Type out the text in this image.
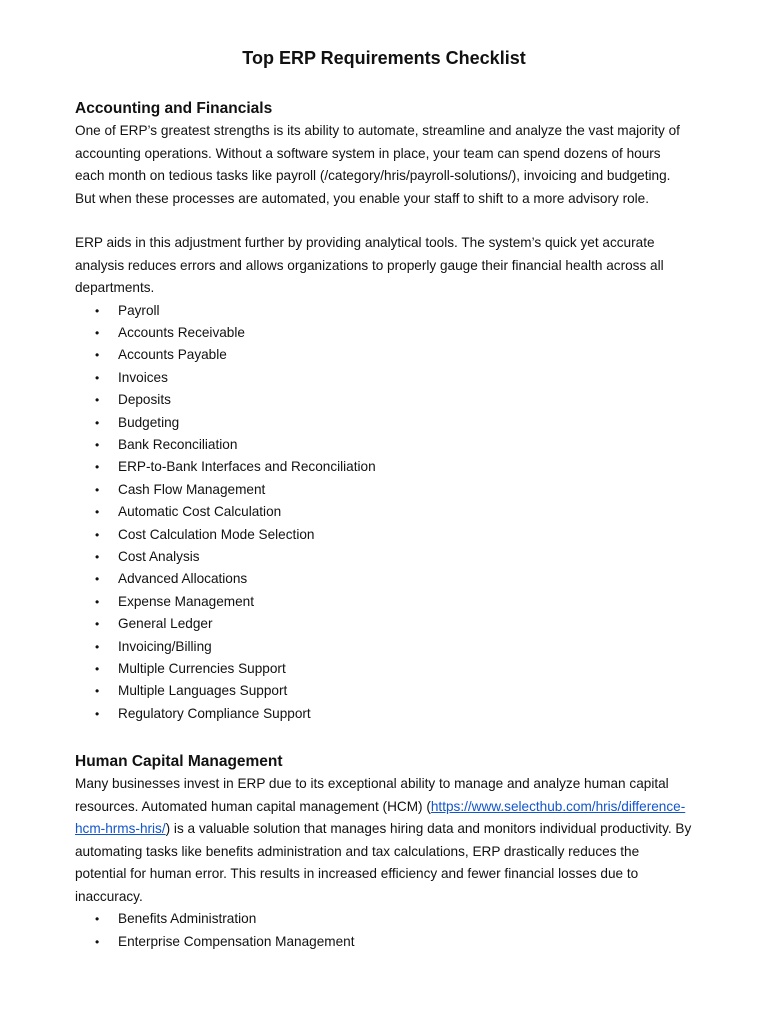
Top ERP Requirements Checklist
Accounting and Financials

One of ERP’s greatest strengths is its ability to automate, streamline and analyze the vast majority of accounting operations. Without a software system in place, your team can spend dozens of hours each month on tedious tasks like payroll (/category/hris/payroll-solutions/), invoicing and budgeting. But when these processes are automated, you enable your staff to shift to a more advisory role.

ERP aids in this adjustment further by providing analytical tools. The system’s quick yet accurate analysis reduces errors and allows organizations to properly gauge their financial health across all departments.

• Payroll
• Accounts Receivable
• Accounts Payable
• Invoices
• Deposits
• Budgeting
• Bank Reconciliation
• ERP-to-Bank Interfaces and Reconciliation
• Cash Flow Management
• Automatic Cost Calculation
• Cost Calculation Mode Selection
• Cost Analysis
• Advanced Allocations
• Expense Management
• General Ledger
• Invoicing/Billing
• Multiple Currencies Support
• Multiple Languages Support
• Regulatory Compliance Support
Human Capital Management

Many businesses invest in ERP due to its exceptional ability to manage and analyze human capital resources. Automated human capital management (HCM) (https://www.selecthub.com/hris/difference-hcm-hrms-hris/) is a valuable solution that manages hiring data and monitors individual productivity. By automating tasks like benefits administration and tax calculations, ERP drastically reduces the potential for human error. This results in increased efficiency and fewer financial losses due to inaccuracy.

• Benefits Administration
• Enterprise Compensation Management
